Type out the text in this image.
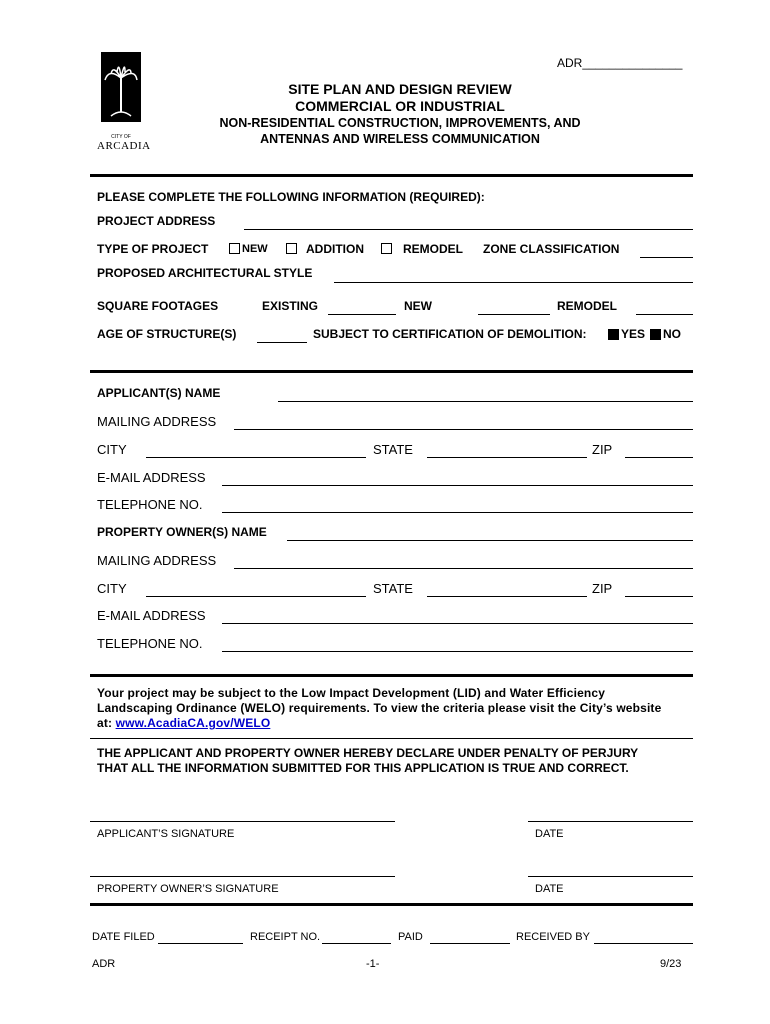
ADR_______________
CITY OF
ARCADIA
SITE PLAN AND DESIGN REVIEW
COMMERCIAL OR INDUSTRIAL
NON-RESIDENTIAL CONSTRUCTION, IMPROVEMENTS, AND
ANTENNAS AND WIRELESS COMMUNICATION
PLEASE COMPLETE THE FOLLOWING INFORMATION (REQUIRED):
PROJECT ADDRESS
TYPE OF PROJECT	NEW	ADDITION	REMODEL ZONE CLASSIFICATION
PROPOSED ARCHITECTURAL STYLE
SQUARE FOOTAGES	EXISTING	NEW	REMODEL
AGE OF STRUCTURE(S)	SUBJECT TO CERTIFICATION OF DEMOLITION:	YES NO
APPLICANT(S) NAME
MAILING ADDRESS
CITY	STATE	ZIP
E-MAIL ADDRESS
TELEPHONE NO.
PROPERTY OWNER(S) NAME
MAILING ADDRESS
CITY	STATE	ZIP
E-MAIL ADDRESS
TELEPHONE NO.
Your project may be subject to the Low Impact Development (LID) and Water Efficiency
Landscaping Ordinance (WELO) requirements. To view the criteria please visit the City’s website
at: www.AcadiaCA.gov/WELO
THE APPLICANT AND PROPERTY OWNER HEREBY DECLARE UNDER PENALTY OF PERJURY
THAT ALL THE INFORMATION SUBMITTED FOR THIS APPLICATION IS TRUE AND CORRECT.
APPLICANT’S SIGNATURE	DATE
PROPERTY OWNER’S SIGNATURE	DATE
DATE FILED	RECEIPT NO.	PAID	RECEIVED BY
ADR	-1-	9/23
